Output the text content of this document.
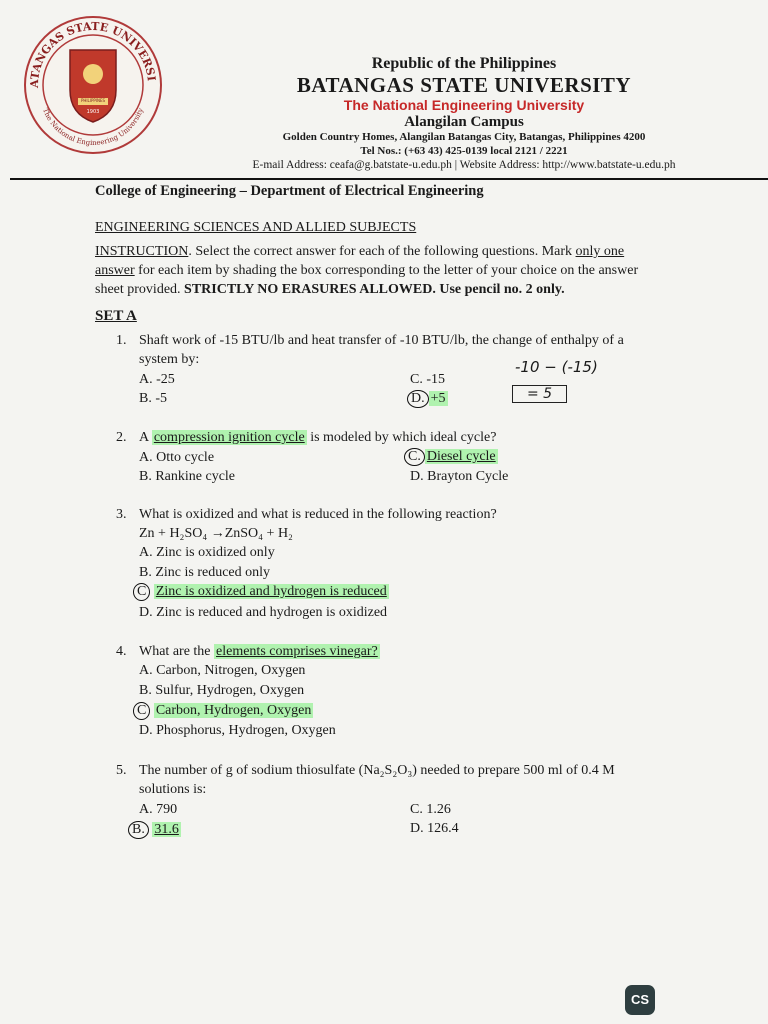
ATANGAS STATE UNIVERSI
The National Engineering University
1903
PHILIPPINES
Republic of the Philippines
BATANGAS STATE UNIVERSITY
The National Engineering University
Alangilan Campus
Golden Country Homes, Alangilan Batangas City, Batangas, Philippines 4200
Tel Nos.: (+63 43) 425-0139 local 2121 / 2221
E-mail Address: ceafa@g.batstate-u.edu.ph | Website Address: http://www.batstate-u.edu.ph
College of Engineering – Department of Electrical Engineering
ENGINEERING SCIENCES AND ALLIED SUBJECTS
INSTRUCTION. Select the correct answer for each of the following questions. Mark only one
answer for each item by shading the box corresponding to the letter of your choice on the answer
sheet provided. STRICTLY NO ERASURES ALLOWED. Use pencil no. 2 only.
SET A
1. Shaft work of -15 BTU/lb and heat transfer of -10 BTU/lb, the change of enthalpy of a
system by:
A. -25
B. -5
C. -15
D. +5
-10 − (-15)
= 5
2. A compression ignition cycle is modeled by which ideal cycle?
A. Otto cycle
B. Rankine cycle
C. Diesel cycle
D. Brayton Cycle
3. What is oxidized and what is reduced in the following reaction?
Zn + H₂SO₄ →ZnSO₄ + H₂
A. Zinc is oxidized only
B. Zinc is reduced only
C Zinc is oxidized and hydrogen is reduced
D. Zinc is reduced and hydrogen is oxidized
4. What are the elements comprises vinegar?
A. Carbon, Nitrogen, Oxygen
B. Sulfur, Hydrogen, Oxygen
C Carbon, Hydrogen, Oxygen
D. Phosphorus, Hydrogen, Oxygen
5. The number of g of sodium thiosulfate (Na₂S₂O₃) needed to prepare 500 ml of 0.4 M
solutions is:
A. 790
B. 31.6
C. 1.26
D. 126.4
CS
